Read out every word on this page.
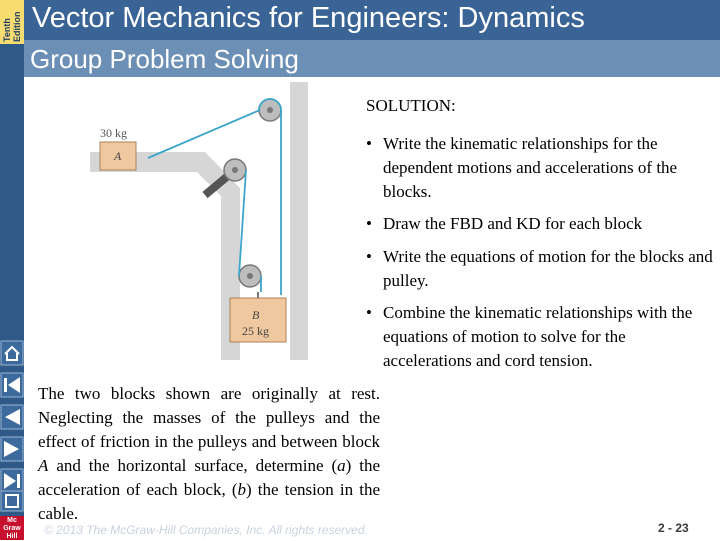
Tenth
Edition Vector Mechanics for Engineers: Dynamics
Group Problem Solving
Mc
Graw
Hill
30 kg
A
B
25 kg
SOLUTION:
• Write the kinematic relationships for the dependent motions and accelerations of the blocks.
• Draw the FBD and KD for each block
• Write the equations of motion for the blocks and pulley.
• Combine the kinematic relationships with the equations of motion to solve for the accelerations and cord tension.
The two blocks shown are originally at rest. Neglecting the masses of the pulleys and the effect of friction in the pulleys and between block A and the horizontal surface, determine (a) the acceleration of each block, (b) the tension in the cable.
© 2013 The McGraw-Hill Companies, Inc. All rights reserved.	2 - 23
